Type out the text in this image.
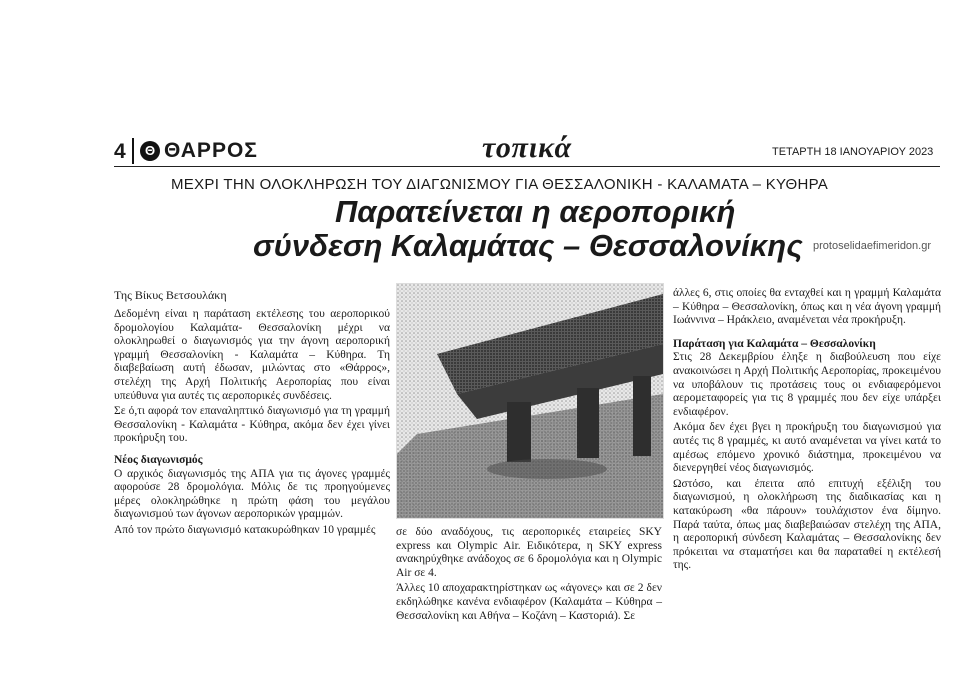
4	Θ ΘΑΡΡΟΣ	τοπικά	ΤΕΤΑΡΤΗ 18 ΙΑΝΟΥΑΡΙΟΥ 2023
ΜΕΧΡΙ ΤΗΝ ΟΛΟΚΛΗΡΩΣΗ ΤΟΥ ΔΙΑΓΩΝΙΣΜΟΥ ΓΙΑ ΘΕΣΣΑΛΟΝΙΚΗ - ΚΑΛΑΜΑΤΑ – ΚΥΘΗΡΑ
Παρατείνεται η αεροπορική
σύνδεση Καλαμάτας – Θεσσαλονίκης protoselidaefimeridon.gr
Της Βίκυς Βετσουλάκη

Δεδομένη είναι η παράταση εκτέλεσης του αεροπορικού δρομολογίου Καλαμάτα- Θεσσαλονίκη μέχρι να ολοκληρωθεί ο διαγωνισμός για την άγονη αεροπορική γραμμή Θεσσαλονίκη - Καλαμάτα – Κύθηρα. Τη διαβεβαίωση αυτή έδωσαν, μιλώντας στο «Θάρρος», στελέχη της Αρχή Πολιτικής Αεροπορίας που είναι υπεύθυνα για αυτές τις αεροπορικές συνδέσεις.

Σε ό,τι αφορά τον επαναληπτικό διαγωνισμό για τη γραμμή Θεσσαλονίκη - Καλαμάτα - Κύθηρα, ακόμα δεν έχει γίνει προκήρυξη του.

Νέος διαγωνισμός

Ο αρχικός διαγωνισμός της ΑΠΑ για τις άγονες γραμμές αφορούσε 28 δρομολόγια. Μόλις δε τις προηγούμενες μέρες ολοκληρώθηκε η πρώτη φάση του μεγάλου διαγωνισμού των άγονων αεροπορικών γραμμών.

Από τον πρώτο διαγωνισμό κατακυρώθηκαν 10 γραμμές	σε δύο αναδόχους, τις αεροπορικές εταιρείες SKY express και Olympic Air. Ειδικότερα, η SKY express ανακηρύχθηκε ανάδοχος σε 6 δρομολόγια και η Olympic Air σε 4.

Άλλες 10 αποχαρακτηρίστηκαν ως «άγονες» και σε 2 δεν εκδηλώθηκε κανένα ενδιαφέρον (Καλαμάτα – Κύθηρα – Θεσσαλονίκη και Αθήνα – Κοζάνη – Καστοριά). Σε

άλλες 6, στις οποίες θα ενταχθεί και η γραμμή Καλαμάτα – Κύθηρα – Θεσσαλονίκη, όπως και η νέα άγονη γραμμή Ιωάννινα – Ηράκλειο, αναμένεται νέα προκήρυξη.

Παράταση για Καλαμάτα – Θεσσαλονίκη

Στις 28 Δεκεμβρίου έληξε η διαβούλευση που είχε ανακοινώσει η Αρχή Πολιτικής Αεροπορίας, προκειμένου να υποβάλουν τις προτάσεις τους οι ενδιαφερόμενοι αερομεταφορείς για τις 8 γραμμές που δεν είχε υπάρξει ενδιαφέρον.

Ακόμα δεν έχει βγει η προκήρυξη του διαγωνισμού για αυτές τις 8 γραμμές, κι αυτό αναμένεται να γίνει κατά το αμέσως επόμενο χρονικό διάστημα, προκειμένου να διενεργηθεί νέος διαγωνισμός.

Ωστόσο, και έπειτα από επιτυχή εξέλιξη του διαγωνισμού, η ολοκλήρωση της διαδικασίας και η κατακύρωση «θα πάρουν» τουλάχιστον ένα δίμηνο. Παρά ταύτα, όπως μας διαβεβαιώσαν στελέχη της ΑΠΑ, η αεροπορική σύνδεση Καλαμάτας – Θεσσαλονίκης δεν πρόκειται να σταματήσει και θα παραταθεί η εκτέλεσή της.
